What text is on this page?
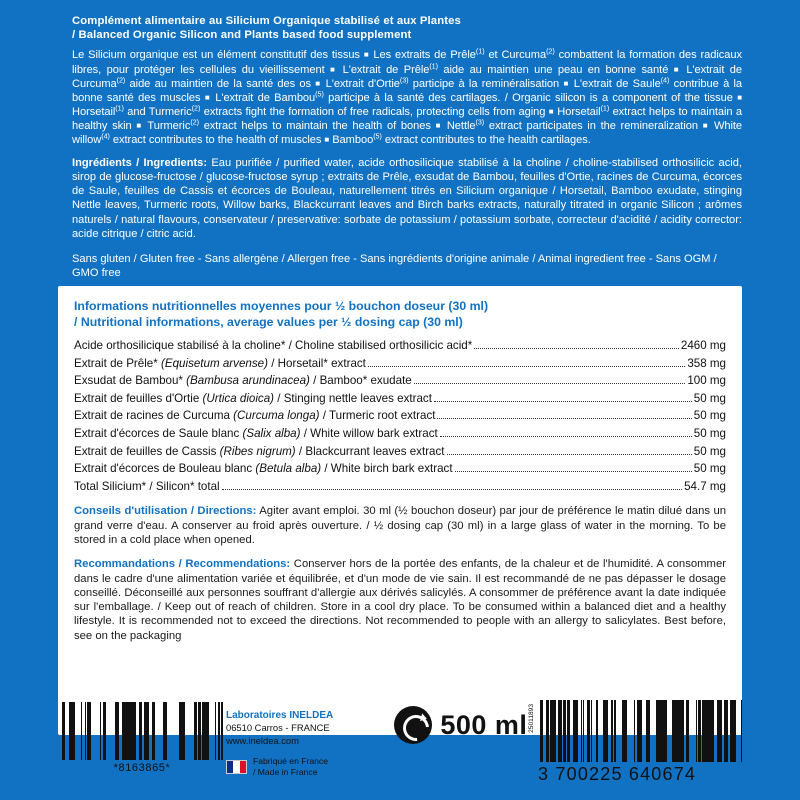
Complément alimentaire au Silicium Organique stabilisé et aux Plantes
/ Balanced Organic Silicon and Plants based food supplement
Le Silicium organique est un élément constitutif des tissus ■ Les extraits de Prêle$^{(1)}$ et Curcuma$^{(2)}$ combattent la formation des radicaux libres, pour protéger les cellules du vieillissement ■ L'extrait de Prêle$^{(1)}$ aide au maintien une peau en bonne santé ■ L'extrait de Curcuma$^{(2)}$ aide au maintien de la santé des os ■ L'extrait d'Ortie$^{(3)}$ participe à la reminéralisation ■ L'extrait de Saule$^{(4)}$ contribue à la bonne santé des muscles ■ L'extrait de Bambou$^{(5)}$ participe à la santé des cartilages. / Organic silicon is a component of the tissue ■ Horsetail$^{(1)}$ and Turmeric$^{(2)}$ extracts fight the formation of free radicals, protecting cells from aging ■ Horsetail$^{(1)}$ extract helps to maintain a healthy skin ■ Turmeric$^{(2)}$ extract helps to maintain the health of bones ■ Nettle$^{(3)}$ extract participates in the remineralization ■ White willow$^{(4)}$ extract contributes to the health of muscles ■ Bamboo$^{(5)}$ extract contributes to the health cartilages.
Ingrédients / Ingredients: Eau purifiée / purified water, acide orthosilicique stabilisé à la choline / choline-stabilised orthosilicic acid, sirop de glucose-fructose / glucose-fructose syrup ; extraits de Prêle, exsudat de Bambou, feuilles d'Ortie, racines de Curcuma, écorces de Saule, feuilles de Cassis et écorces de Bouleau, naturellement titrés en Silicium organique / Horsetail, Bamboo exudate, stinging Nettle leaves, Turmeric roots, Willow barks, Blackcurrant leaves and Birch barks extracts, naturally titrated in organic Silicon ; arômes naturels / natural flavours, conservateur / preservative: sorbate de potassium / potassium sorbate, correcteur d'acidité / acidity corrector: acide citrique / citric acid.
Sans gluten / Gluten free - Sans allergène / Allergen free - Sans ingrédients d'origine animale / Animal ingredient free - Sans OGM / GMO free
Informations nutritionnelles moyennes pour ½ bouchon doseur (30 ml)
/ Nutritional informations, average values per ½ dosing cap (30 ml)
Acide orthosilicique stabilisé à la choline* / Choline stabilised orthosilicic acid*	2460 mg
Extrait de Prêle* (Equisetum arvense) / Horsetail* extract	358 mg
Exsudat de Bambou* (Bambusa arundinacea) / Bamboo* exudate	100 mg
Extrait de feuilles d'Ortie (Urtica dioica) / Stinging nettle leaves extract	50 mg
Extrait de racines de Curcuma (Curcuma longa) / Turmeric root extract	50 mg
Extrait d'écorces de Saule blanc (Salix alba) / White willow bark extract	50 mg
Extrait de feuilles de Cassis (Ribes nigrum) / Blackcurrant leaves extract	50 mg
Extrait d'écorces de Bouleau blanc (Betula alba) / White birch bark extract	50 mg
Total Silicium* / Silicon* total	54.7 mg
Conseils d'utilisation / Directions: Agiter avant emploi. 30 ml (½ bouchon doseur) par jour de préférence le matin dilué dans un grand verre d'eau. A conserver au froid après ouverture. / ½ dosing cap (30 ml) in a large glass of water in the morning. To be stored in a cold place when opened.
Recommandations / Recommendations: Conserver hors de la portée des enfants, de la chaleur et de l'humidité. A consommer dans le cadre d'une alimentation variée et équilibrée, et d'un mode de vie sain. Il est recommandé de ne pas dépasser le dosage conseillé. Déconseillé aux personnes souffrant d'allergie aux dérivés salicylés. A consommer de préférence avant la date indiquée sur l'emballage. / Keep out of reach of children. Store in a cool dry place. To be consumed within a balanced diet and a healthy lifestyle. It is recommended not to exceed the directions. Not recommended to people with an allergy to salicylates. Best before, see on the packaging
*8163865*
Laboratoires INELDEA
06510 Carros - FRANCE
www.ineldea.com
Fabriqué en France
/ Made in France
500 ml
Volume net
/ Net volume
25011893
3 700225 640674
